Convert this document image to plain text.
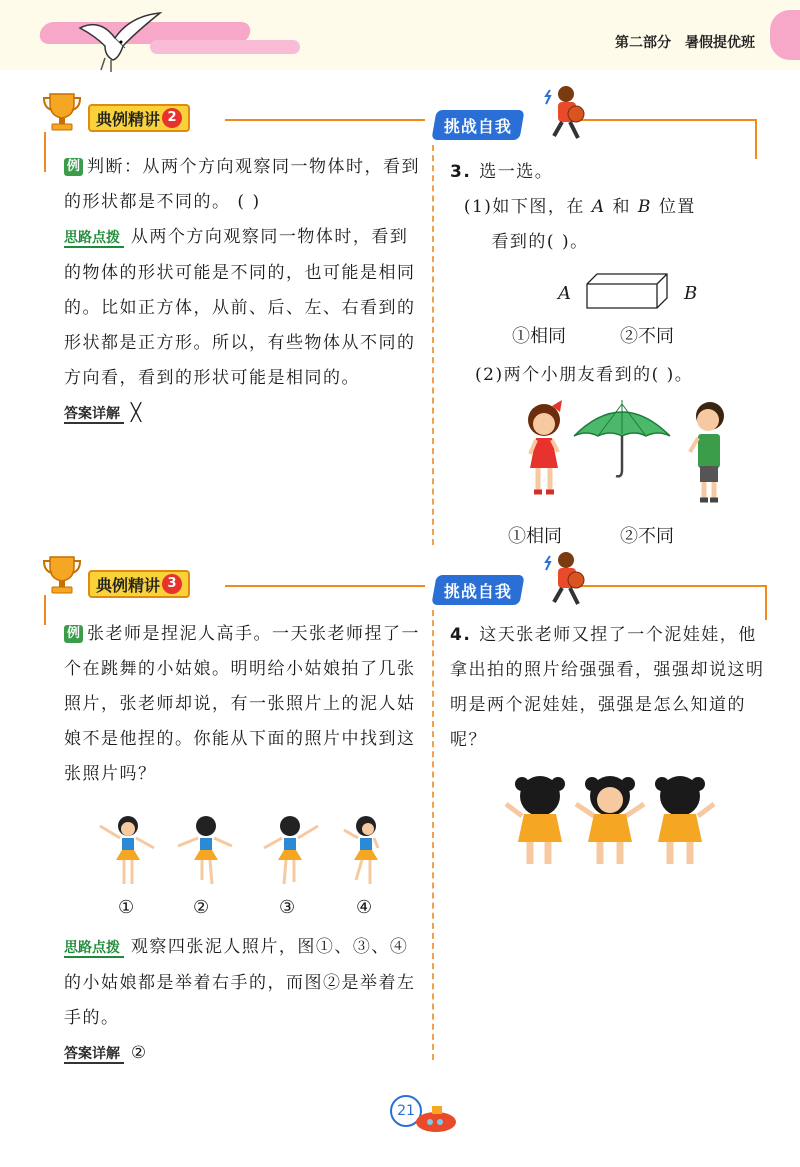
第二部分 暑假提优班
典例精讲 2	挑战自我
例 判断：从两个方向观察同一物体时，看到的形状都是不同的。 ( )
思路点拨 从两个方向观察同一物体时，看到的物体的形状可能是不同的，也可能是相同的。比如正方体，从前、后、左、右看到的形状都是正方形。所以，有些物体从不同的方向看，看到的形状可能是相同的。
答案详解 ╳
3. 选一选。
(1)如下图，在 A 和 B 位置
看到的( )。
A	B
①相同	②不同
(2)两个小朋友看到的( )。
①相同	②不同
典例精讲 3	挑战自我
例 张老师是捏泥人高手。一天张老师捏了一个在跳舞的小姑娘。明明给小姑娘拍了几张照片，张老师却说，有一张照片上的泥人姑娘不是他捏的。你能从下面的照片中找到这张照片吗？
①	②	③	④
思路点拨 观察四张泥人照片，图①、③、④的小姑娘都是举着右手的，而图②是举着左手的。
答案详解 ②
4. 这天张老师又捏了一个泥娃娃，他拿出拍的照片给强强看，强强却说这明明是两个泥娃娃，强强是怎么知道的呢？
21
